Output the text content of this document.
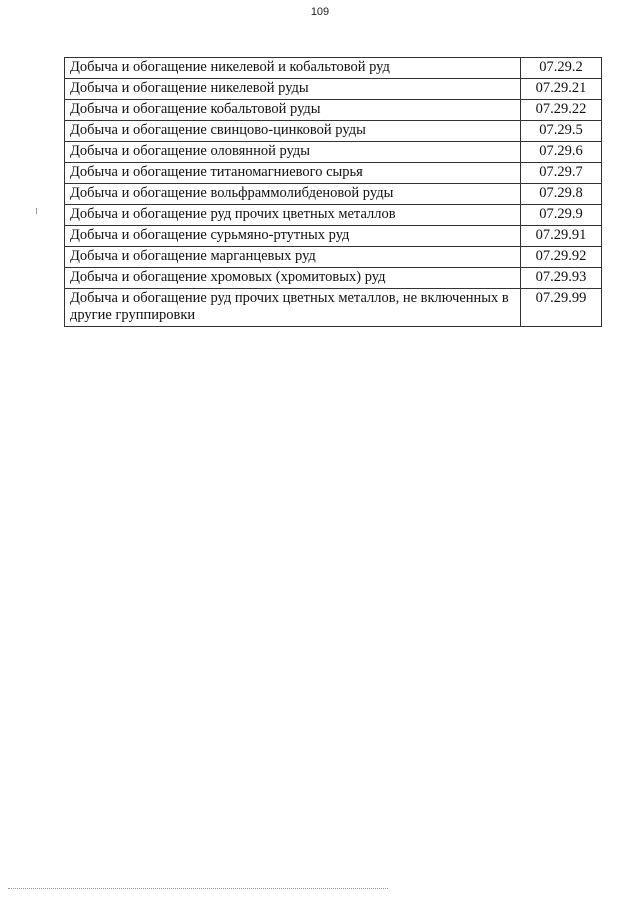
109
Добыча и обогащение никелевой и кобальтовой руд	07.29.2
Добыча и обогащение никелевой руды	07.29.21
Добыча и обогащение кобальтовой руды	07.29.22
Добыча и обогащение свинцово-цинковой руды	07.29.5
Добыча и обогащение оловянной руды	07.29.6
Добыча и обогащение титаномагниевого сырья	07.29.7
Добыча и обогащение вольфраммолибденовой руды	07.29.8
Добыча и обогащение руд прочих цветных металлов	07.29.9
Добыча и обогащение сурьмяно-ртутных руд	07.29.91
Добыча и обогащение марганцевых руд	07.29.92
Добыча и обогащение хромовых (хромитовых) руд	07.29.93
Добыча и обогащение руд прочих цветных металлов, не включенных в другие группировки	07.29.99
